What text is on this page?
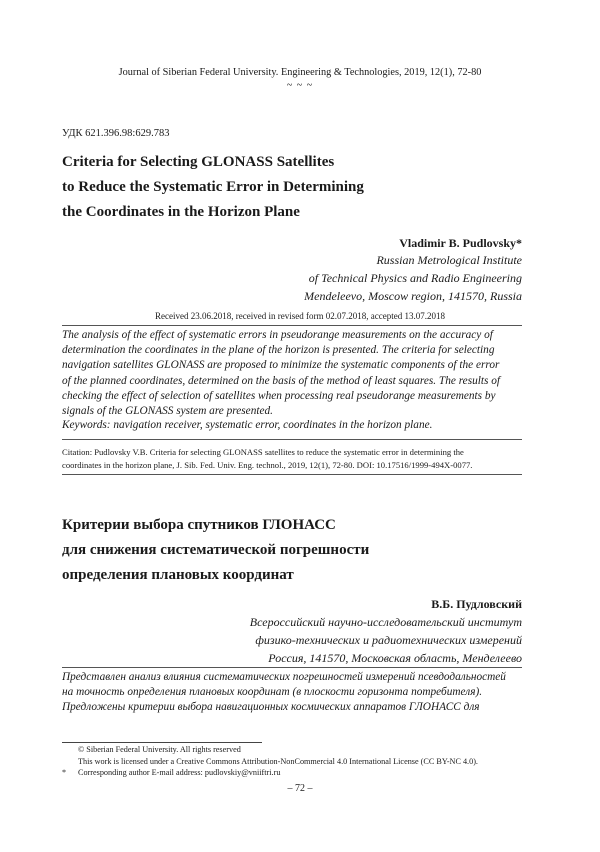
Journal of Siberian Federal University. Engineering & Technologies, 2019, 12(1), 72-80
~ ~ ~
УДК 621.396.98:629.783
Criteria for Selecting GLONASS Satellites
to Reduce the Systematic Error in Determining
the Coordinates in the Horizon Plane
Vladimir B. Pudlovsky*
Russian Metrological Institute
of Technical Physics and Radio Engineering
Mendeleevo, Moscow region, 141570, Russia
Received 23.06.2018, received in revised form 02.07.2018, accepted 13.07.2018
The analysis of the effect of systematic errors in pseudorange measurements on the accuracy of
determination the coordinates in the plane of the horizon is presented. The criteria for selecting
navigation satellites GLONASS are proposed to minimize the systematic components of the error
of the planned coordinates, determined on the basis of the method of least squares. The results of
checking the effect of selection of satellites when processing real pseudorange measurements by
signals of the GLONASS system are presented.
Keywords: navigation receiver, systematic error, coordinates in the horizon plane.
Citation: Pudlovsky V.B. Criteria for selecting GLONASS satellites to reduce the systematic error in determining the
coordinates in the horizon plane, J. Sib. Fed. Univ. Eng. technol., 2019, 12(1), 72-80. DOI: 10.17516/1999-494X-0077.
Критерии выбора спутников ГЛОНАСС
для снижения систематической погрешности
определения плановых координат
В.Б. Пудловский
Всероссийский научно-исследовательский институт
физико-технических и радиотехнических измерений
Россия, 141570, Московская область, Менделеево
Представлен анализ влияния систематических погрешностей измерений псевдодальностей
на точность определения плановых координат (в плоскости горизонта потребителя).
Предложены критерии выбора навигационных космических аппаратов ГЛОНАСС для
© Siberian Federal University. All rights reserved
This work is licensed under a Creative Commons Attribution-NonCommercial 4.0 International License (CC BY-NC 4.0).
*	Corresponding author E-mail address: pudlovskiy@vniiftri.ru
– 72 –
